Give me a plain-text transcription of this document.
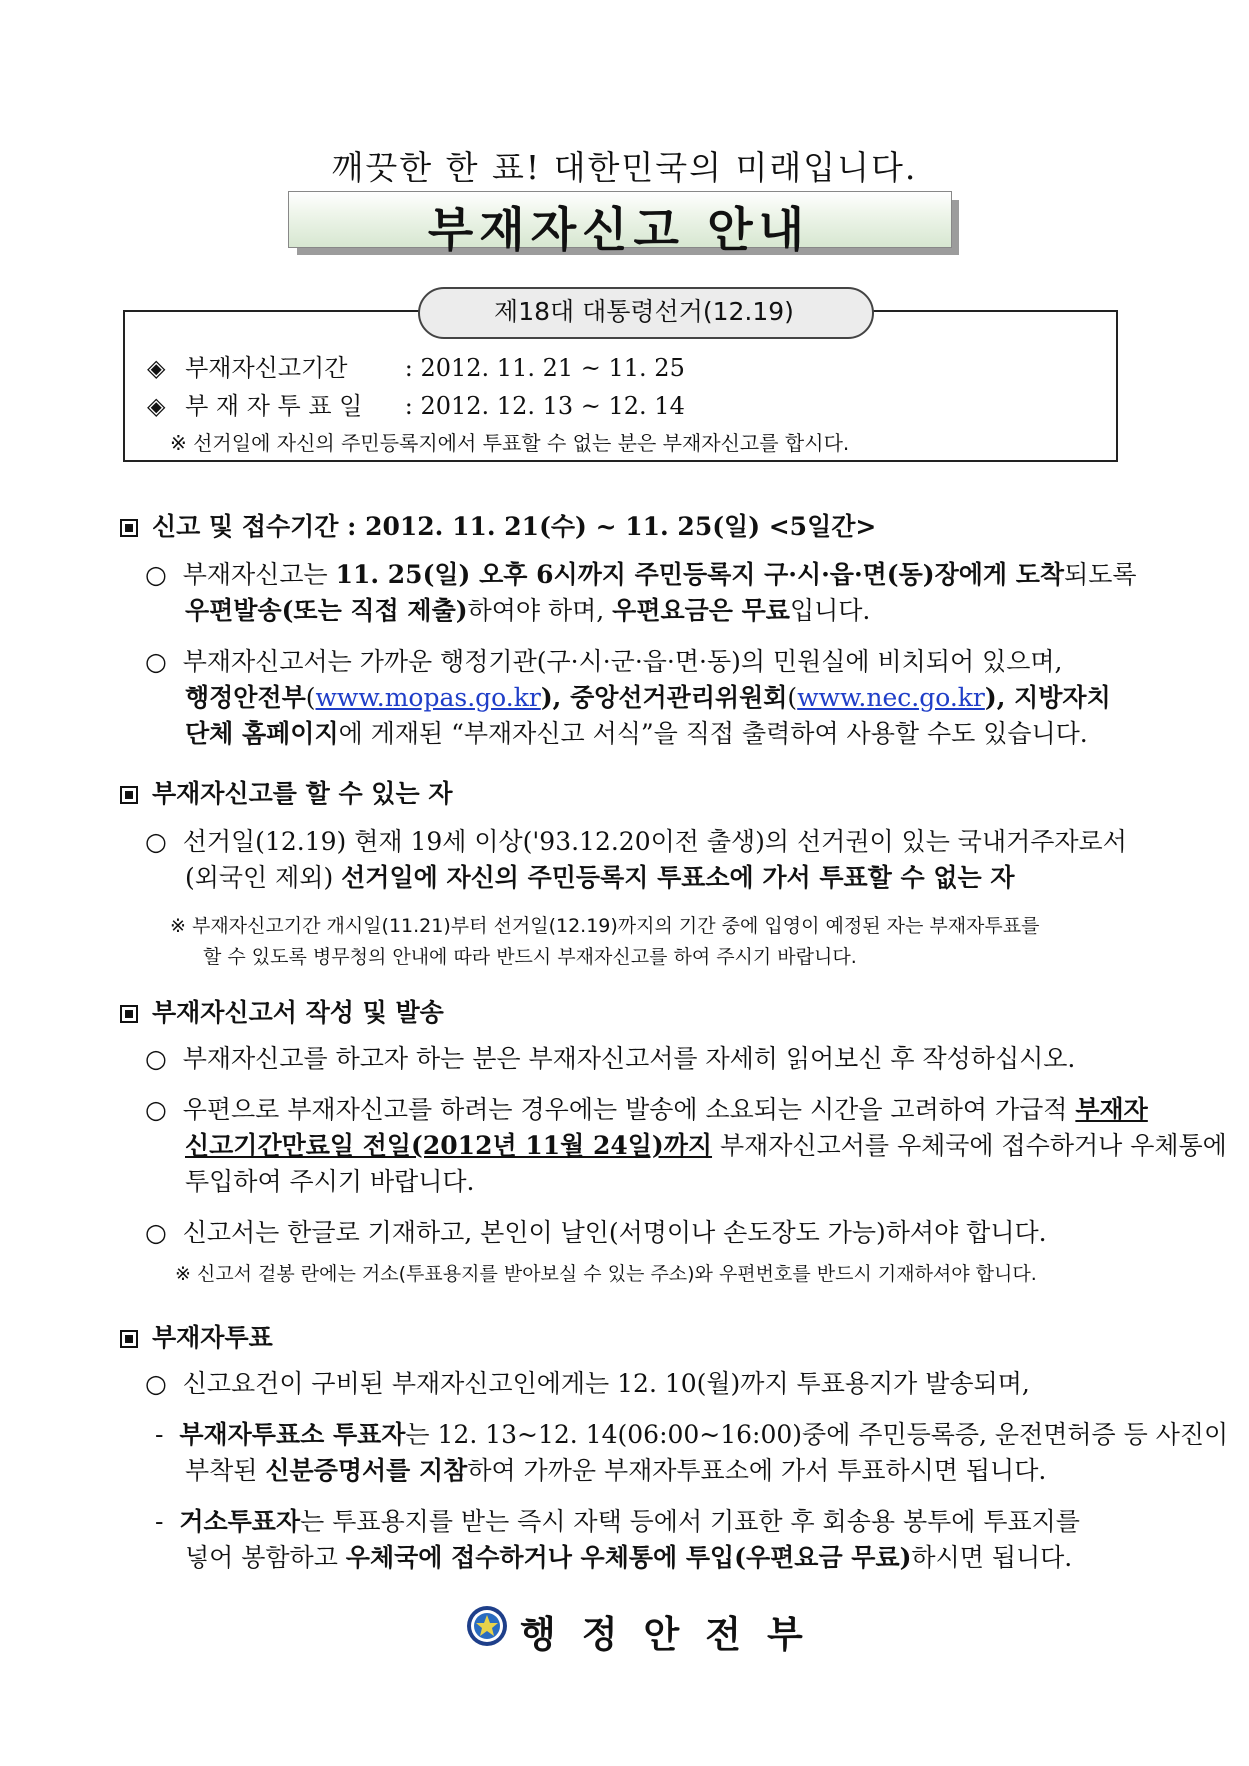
깨끗한 한 표! 대한민국의 미래입니다.
부재자신고 안내
제18대 대통령선거(12.19)
◈ 부재자신고기간 : 2012. 11. 21 ~ 11. 25
◈ 부 재 자 투 표 일 : 2012. 12. 13 ~ 12. 14
※ 선거일에 자신의 주민등록지에서 투표할 수 없는 분은 부재자신고를 합시다.
신고 및 접수기간 : 2012. 11. 21(수) ~ 11. 25(일) <5일간>
○ 부재자신고는 11. 25(일) 오후 6시까지 주민등록지 구·시·읍·면(동)장에게 도착되도록
우편발송(또는 직접 제출)하여야 하며, 우편요금은 무료입니다.
○ 부재자신고서는 가까운 행정기관(구·시·군·읍·면·동)의 민원실에 비치되어 있으며,
행정안전부(www.mopas.go.kr), 중앙선거관리위원회(www.nec.go.kr), 지방자치
단체 홈페이지에 게재된 “부재자신고 서식”을 직접 출력하여 사용할 수도 있습니다.
부재자신고를 할 수 있는 자
○ 선거일(12.19) 현재 19세 이상('93.12.20이전 출생)의 선거권이 있는 국내거주자로서
(외국인 제외) 선거일에 자신의 주민등록지 투표소에 가서 투표할 수 없는 자
※ 부재자신고기간 개시일(11.21)부터 선거일(12.19)까지의 기간 중에 입영이 예정된 자는 부재자투표를
할 수 있도록 병무청의 안내에 따라 반드시 부재자신고를 하여 주시기 바랍니다.
부재자신고서 작성 및 발송
○ 부재자신고를 하고자 하는 분은 부재자신고서를 자세히 읽어보신 후 작성하십시오.
○ 우편으로 부재자신고를 하려는 경우에는 발송에 소요되는 시간을 고려하여 가급적 부재자
신고기간만료일 전일(2012년 11월 24일)까지 부재자신고서를 우체국에 접수하거나 우체통에
투입하여 주시기 바랍니다.
○ 신고서는 한글로 기재하고, 본인이 날인(서명이나 손도장도 가능)하셔야 합니다.
※ 신고서 겉봉 란에는 거소(투표용지를 받아보실 수 있는 주소)와 우편번호를 반드시 기재하셔야 합니다.
부재자투표
○ 신고요건이 구비된 부재자신고인에게는 12. 10(월)까지 투표용지가 발송되며,
- 부재자투표소 투표자는 12. 13~12. 14(06:00~16:00)중에 주민등록증, 운전면허증 등 사진이
부착된 신분증명서를 지참하여 가까운 부재자투표소에 가서 투표하시면 됩니다.
- 거소투표자는 투표용지를 받는 즉시 자택 등에서 기표한 후 회송용 봉투에 투표지를
넣어 봉함하고 우체국에 접수하거나 우체통에 투입(우편요금 무료)하시면 됩니다.
행정안전부
